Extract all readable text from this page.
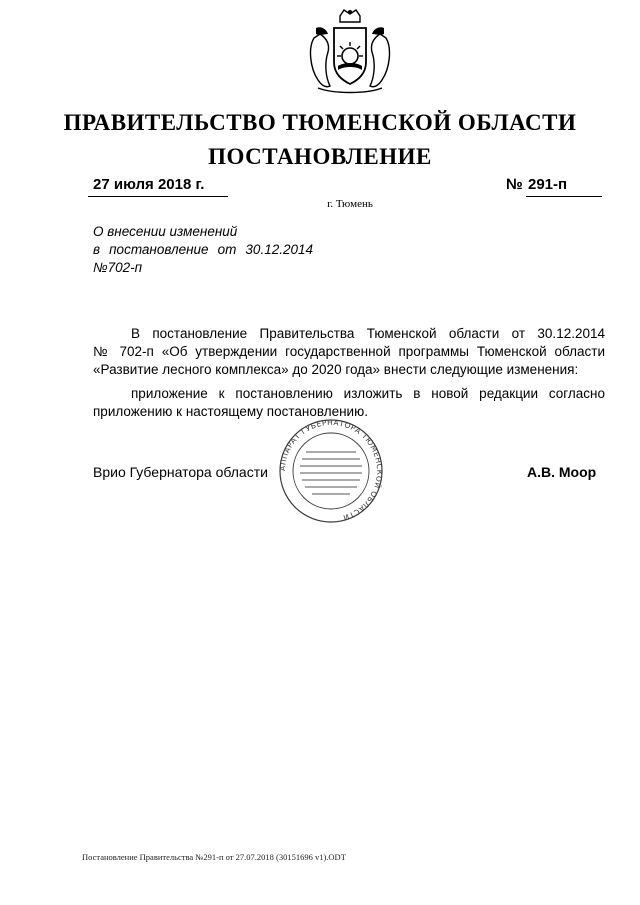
ПРАВИТЕЛЬСТВО ТЮМЕНСКОЙ ОБЛАСТИ
ПОСТАНОВЛЕНИЕ
27 июля 2018 г.	№ 291-п
г. Тюмень
О внесении изменений
в постановление от 30.12.2014
№702-п
В постановление Правительства Тюменской области от 30.12.2014
№ 702-п «Об утверждении государственной программы Тюменской области
«Развитие лесного комплекса» до 2020 года» внести следующие изменения:
приложение к постановлению изложить в новой редакции согласно
приложению к настоящему постановлению.
Врио Губернатора области	А.В. Моор
АППАРАТ ГУБЕРНАТОРА ТЮМЕНСКОЙ ОБЛАСТИ
Постановление Правительства №291-п от 27.07.2018 (30151696 v1).ODT
